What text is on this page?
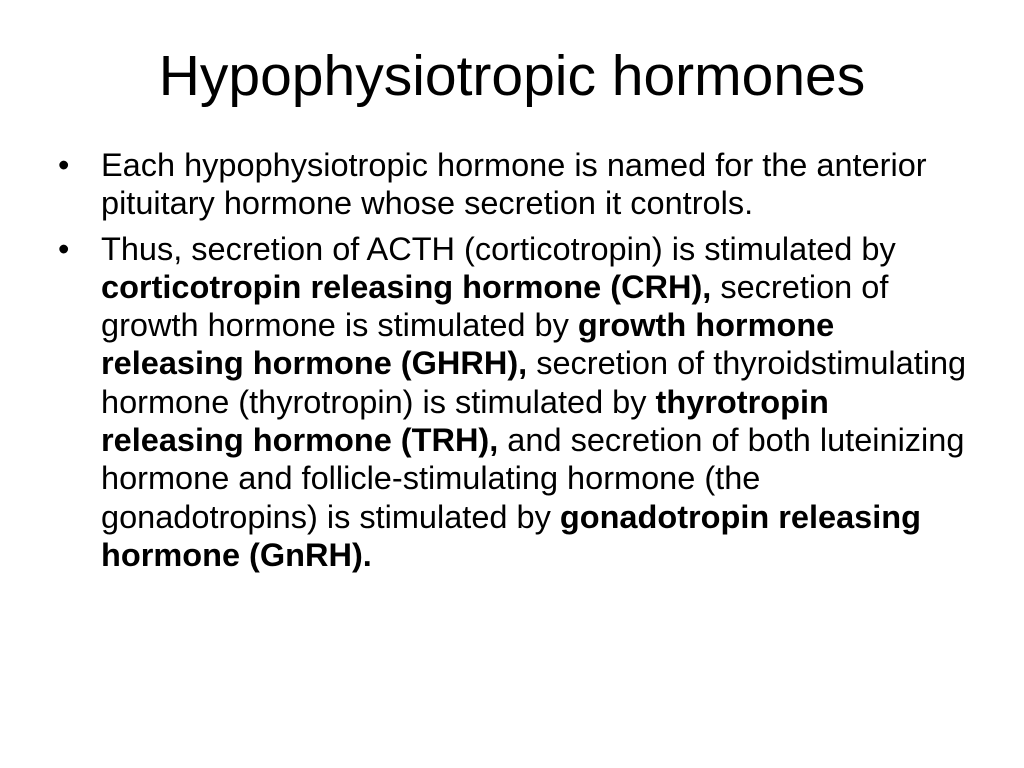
Hypophysiotropic hormones
• Each hypophysiotropic hormone is named for the anterior pituitary hormone whose secretion it controls.
• Thus, secretion of ACTH (corticotropin) is stimulated by corticotropin releasing hormone (CRH), secretion of growth hormone is stimulated by growth hormone releasing hormone (GHRH), secretion of thyroidstimulating hormone (thyrotropin) is stimulated by thyrotropin releasing hormone (TRH), and secretion of both luteinizing hormone and follicle-stimulating hormone (the gonadotropins) is stimulated by gonadotropin releasing hormone (GnRH).
